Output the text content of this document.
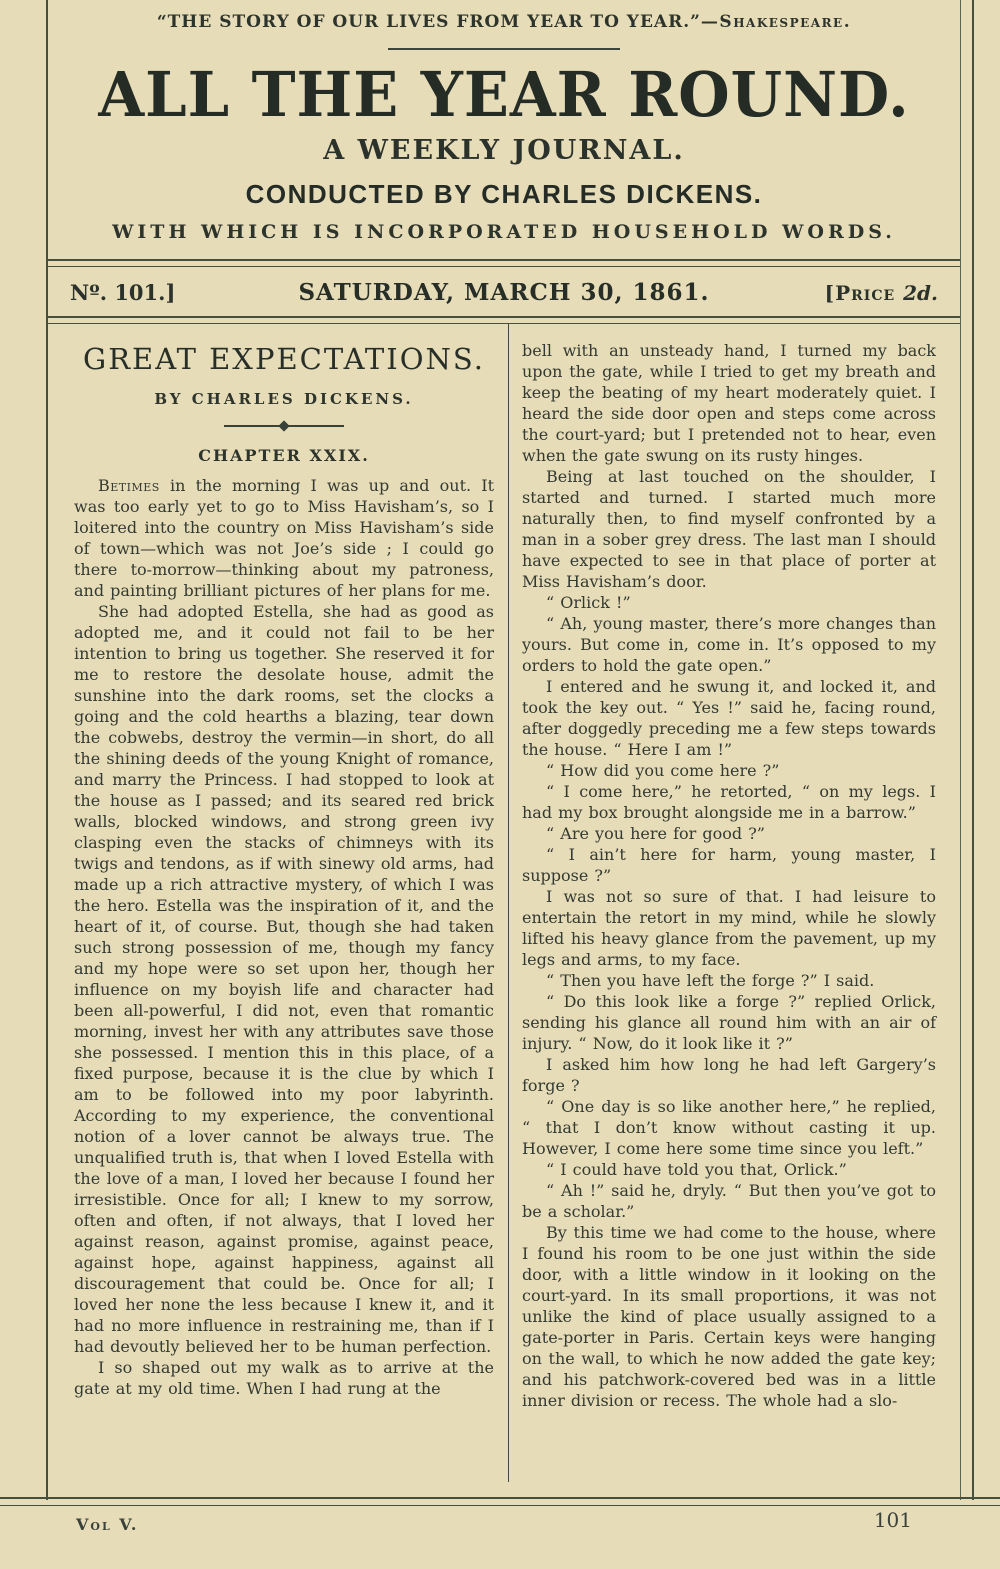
“THE STORY OF OUR LIVES FROM YEAR TO YEAR.”—Shakespeare.
ALL THE YEAR ROUND.
A WEEKLY JOURNAL.
CONDUCTED BY CHARLES DICKENS.
WITH WHICH IS INCORPORATED HOUSEHOLD WORDS.
Nº. 101.]	SATURDAY, MARCH 30, 1861.	[Price 2d.
GREAT EXPECTATIONS.
BY CHARLES DICKENS.
CHAPTER XXIX.

Betimes in the morning I was up and out. It was too early yet to go to Miss Havisham’s, so I loitered into the country on Miss Havisham’s side of town—which was not Joe’s side ; I could go there to-morrow—thinking about my patroness, and painting brilliant pictures of her plans for me.

She had adopted Estella, she had as good as adopted me, and it could not fail to be her intention to bring us together. She reserved it for me to restore the desolate house, admit the sunshine into the dark rooms, set the clocks a going and the cold hearths a blazing, tear down the cobwebs, destroy the vermin—in short, do all the shining deeds of the young Knight of romance, and marry the Princess. I had stopped to look at the house as I passed; and its seared red brick walls, blocked windows, and strong green ivy clasping even the stacks of chimneys with its twigs and tendons, as if with sinewy old arms, had made up a rich attractive mystery, of which I was the hero. Estella was the inspiration of it, and the heart of it, of course. But, though she had taken such strong possession of me, though my fancy and my hope were so set upon her, though her influence on my boyish life and character had been all-powerful, I did not, even that romantic morning, invest her with any attributes save those she possessed. I mention this in this place, of a fixed purpose, because it is the clue by which I am to be followed into my poor labyrinth. According to my experience, the conventional notion of a lover cannot be always true. The unqualified truth is, that when I loved Estella with the love of a man, I loved her because I found her irresistible. Once for all; I knew to my sorrow, often and often, if not always, that I loved her against reason, against promise, against peace, against hope, against happiness, against all discouragement that could be. Once for all; I loved her none the less because I knew it, and it had no more influence in restraining me, than if I had devoutly believed her to be human perfection.

I so shaped out my walk as to arrive at the gate at my old time. When I had rung at the

bell with an unsteady hand, I turned my back upon the gate, while I tried to get my breath and keep the beating of my heart moderately quiet. I heard the side door open and steps come across the court-yard; but I pretended not to hear, even when the gate swung on its rusty hinges.

Being at last touched on the shoulder, I started and turned. I started much more naturally then, to find myself confronted by a man in a sober grey dress. The last man I should have expected to see in that place of porter at Miss Havisham’s door.

“ Orlick !”

“ Ah, young master, there’s more changes than yours. But come in, come in. It’s opposed to my orders to hold the gate open.”

I entered and he swung it, and locked it, and took the key out. “ Yes !” said he, facing round, after doggedly preceding me a few steps towards the house. “ Here I am !”

“ How did you come here ?”

“ I come here,” he retorted, “ on my legs. I had my box brought alongside me in a barrow.”

“ Are you here for good ?”

“ I ain’t here for harm, young master, I suppose ?”

I was not so sure of that. I had leisure to entertain the retort in my mind, while he slowly lifted his heavy glance from the pavement, up my legs and arms, to my face.

“ Then you have left the forge ?” I said.

“ Do this look like a forge ?” replied Orlick, sending his glance all round him with an air of injury. “ Now, do it look like it ?”

I asked him how long he had left Gargery’s forge ?

“ One day is so like another here,” he replied, “ that I don’t know without casting it up. However, I come here some time since you left.”

“ I could have told you that, Orlick.”

“ Ah !” said he, dryly. “ But then you’ve got to be a scholar.”

By this time we had come to the house, where I found his room to be one just within the side door, with a little window in it looking on the court-yard. In its small proportions, it was not unlike the kind of place usually assigned to a gate-porter in Paris. Certain keys were hanging on the wall, to which he now added the gate key; and his patchwork-covered bed was in a little inner division or recess. The whole had a slo-

Vol V.	101
